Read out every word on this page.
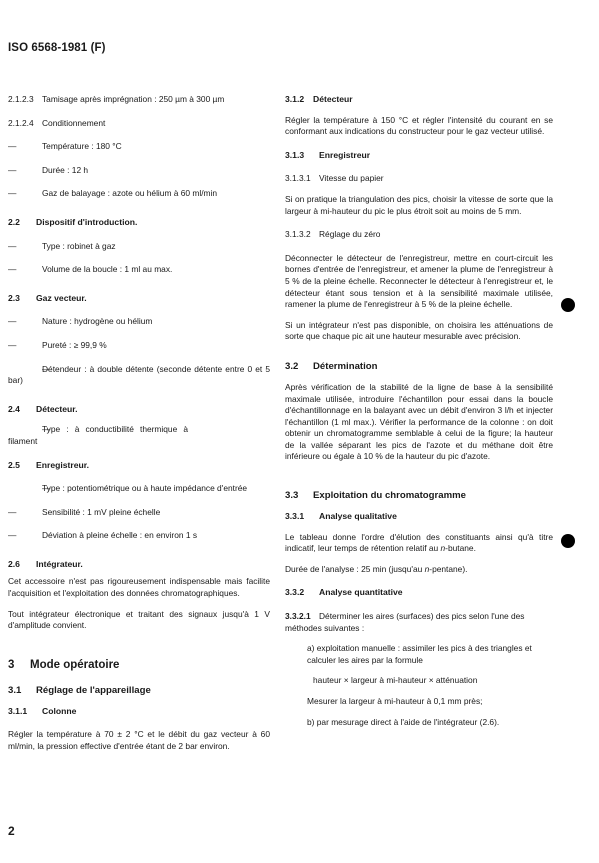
ISO 6568-1981 (F)

2.1.2.3 Tamisage après imprégnation : 250 µm à 300 µm

2.1.2.4 Conditionnement

— Température : 180 °C

— Durée : 12 h

— Gaz de balayage : azote ou hélium à 60 ml/min

2.2 Dispositif d'introduction.

— Type : robinet à gaz

— Volume de la boucle : 1 ml au max.

2.3 Gaz vecteur.

— Nature : hydrogène ou hélium

— Pureté : ≥ 99,9 %

— Détendeur : à double détente (seconde détente entre 0 et 5 bar)

2.4 Détecteur.

— Type : à conductibilité thermique à filament

2.5 Enregistreur.

— Type : potentiométrique ou à haute impédance d'entrée

— Sensibilité : 1 mV pleine échelle

— Déviation à pleine échelle : en environ 1 s

2.6 Intégrateur.

Cet accessoire n'est pas rigoureusement indispensable mais facilite l'acquisition et l'exploitation des données chromatographiques.

Tout intégrateur électronique et traitant des signaux jusqu'à 1 V d'amplitude convient.

3 Mode opératoire

3.1 Réglage de l'appareillage

3.1.1 Colonne

Régler la température à 70 ± 2 °C et le débit du gaz vecteur à 60 ml/min, la pression effective d'entrée étant de 2 bar environ.

3.1.2 Détecteur

Régler la température à 150 °C et régler l'intensité du courant en se conformant aux indications du constructeur pour le gaz vecteur utilisé.

3.1.3 Enregistreur

3.1.3.1 Vitesse du papier

Si on pratique la triangulation des pics, choisir la vitesse de sorte que la largeur à mi-hauteur du pic le plus étroit soit au moins de 5 mm.

3.1.3.2 Réglage du zéro

Déconnecter le détecteur de l'enregistreur, mettre en court-circuit les bornes d'entrée de l'enregistreur, et amener la plume de l'enregistreur à 5 % de la pleine échelle. Reconnecter le détecteur à l'enregistreur et, le détecteur étant sous tension et à la sensibilité maximale utilisée, ramener la plume de l'enregistreur à 5 % de la pleine échelle.

Si un intégrateur n'est pas disponible, on choisira les atténuations de sorte que chaque pic ait une hauteur mesurable avec précision.

3.2 Détermination

Après vérification de la stabilité de la ligne de base à la sensibilité maximale utilisée, introduire l'échantillon pour essai dans la boucle d'échantillonnage en la balayant avec un débit d'environ 3 l/h et injecter l'échantillon (1 ml max.). Vérifier la performance de la colonne : on doit obtenir un chromatogramme semblable à celui de la figure; la hauteur de la vallée séparant les pics de l'azote et du méthane doit être inférieure ou égale à 10 % de la hauteur du pic d'azote.

3.3 Exploitation du chromatogramme

3.3.1 Analyse qualitative

Le tableau donne l'ordre d'élution des constituants ainsi qu'à titre indicatif, leur temps de rétention relatif au n-butane.

Durée de l'analyse : 25 min (jusqu'au n-pentane).

3.3.2 Analyse quantitative

3.3.2.1 Déterminer les aires (surfaces) des pics selon l'une des méthodes suivantes :

a) exploitation manuelle : assimiler les pics à des triangles et calculer les aires par la formule

hauteur × largeur à mi-hauteur × atténuation

Mesurer la largeur à mi-hauteur à 0,1 mm près;

b) par mesurage direct à l'aide de l'intégrateur (2.6).

2
